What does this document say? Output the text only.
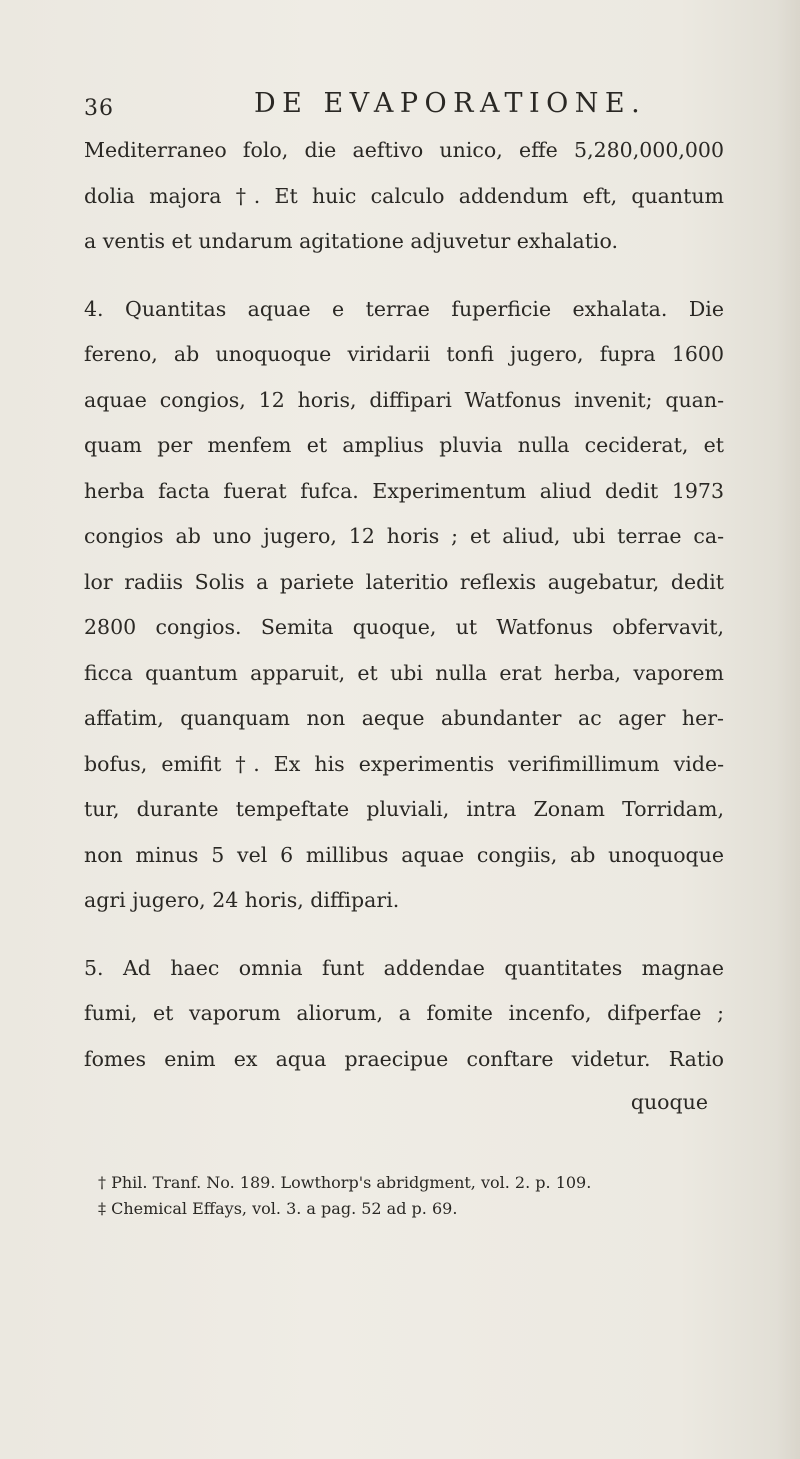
36	DE EVAPORATIONE.
Mediterraneo folo, die aeftivo unico, effe 5,280,000,000
dolia majora †. Et huic calculo addendum eft, quantum
a ventis et undarum agitatione adjuvetur exhalatio.
4. Quantitas aquae e terrae fuperficie exhalata. Die
fereno, ab unoquoque viridarii tonfi jugero, fupra 1600
aquae congios, 12 horis, diffipari Watfonus invenit; quan-
quam per menfem et amplius pluvia nulla ceciderat, et
herba facta fuerat fufca. Experimentum aliud dedit 1973
congios ab uno jugero, 12 horis ; et aliud, ubi terrae ca-
lor radiis Solis a pariete lateritio reflexis augebatur, dedit
2800 congios. Semita quoque, ut Watfonus obfervavit,
ficca quantum apparuit, et ubi nulla erat herba, vaporem
affatim, quanquam non aeque abundanter ac ager her-
bofus, emifit †. Ex his experimentis verifimillimum vide-
tur, durante tempeftate pluviali, intra Zonam Torridam,
non minus 5 vel 6 millibus aquae congiis, ab unoquoque
agri jugero, 24 horis, diffipari.
5. Ad haec omnia funt addendae quantitates magnae
fumi, et vaporum aliorum, a fomite incenfo, difperfae ;
fomes enim ex aqua praecipue conftare videtur. Ratio
quoque
† Phil. Tranf. No. 189. Lowthorp's abridgment, vol. 2. p. 109.
‡ Chemical Effays, vol. 3. a pag. 52 ad p. 69.
